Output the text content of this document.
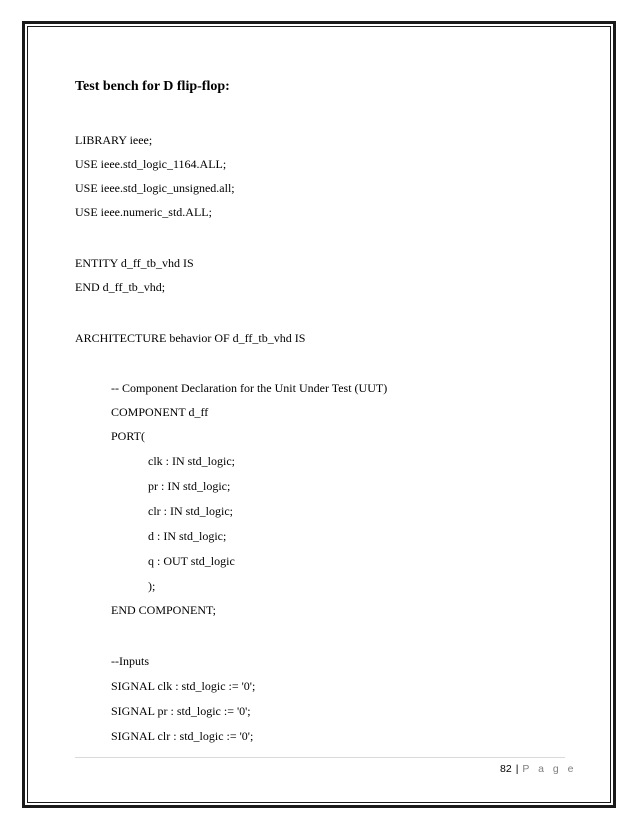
Test bench for D flip-flop:
LIBRARY ieee;
USE ieee.std_logic_1164.ALL;
USE ieee.std_logic_unsigned.all;
USE ieee.numeric_std.ALL;
ENTITY d_ff_tb_vhd IS
END d_ff_tb_vhd;
ARCHITECTURE behavior OF d_ff_tb_vhd IS
-- Component Declaration for the Unit Under Test (UUT)
COMPONENT d_ff
PORT(
clk : IN std_logic;
pr : IN std_logic;
clr : IN std_logic;
d : IN std_logic;
q : OUT std_logic
);
END COMPONENT;
--Inputs
SIGNAL clk : std_logic := '0';
SIGNAL pr : std_logic := '0';
SIGNAL clr : std_logic := '0';
82 | P a g e
